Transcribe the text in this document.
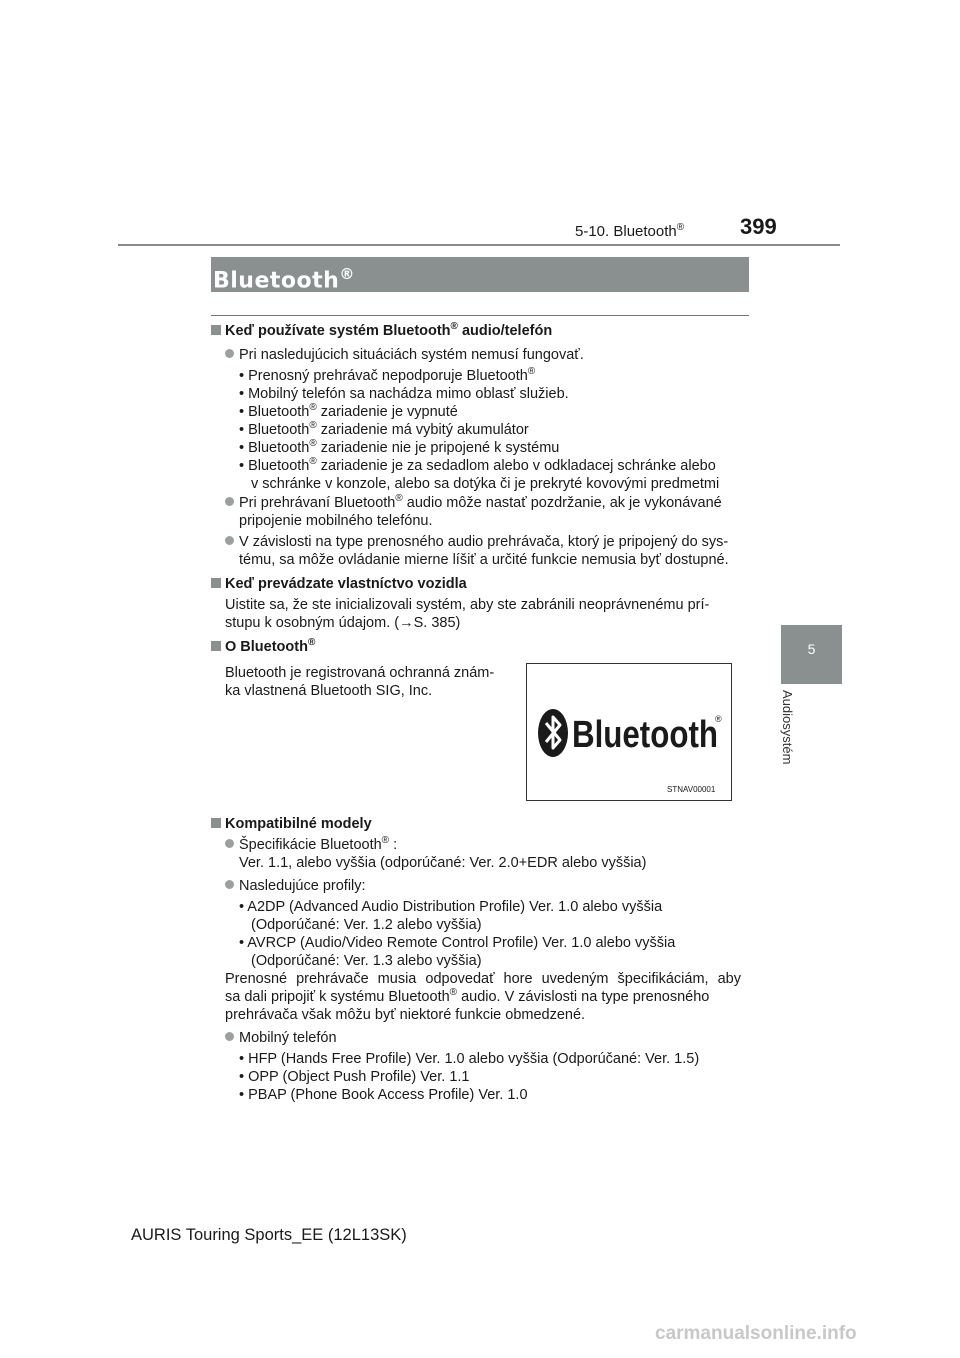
5-10. Bluetooth®	399
5
Audiosystém
Bluetooth®
Keď používate systém Bluetooth® audio/telefón
Pri nasledujúcich situáciách systém nemusí fungovať.
• Prenosný prehrávač nepodporuje Bluetooth®
• Mobilný telefón sa nachádza mimo oblasť služieb.
• Bluetooth® zariadenie je vypnuté
• Bluetooth® zariadenie má vybitý akumulátor
• Bluetooth® zariadenie nie je pripojené k systému
• Bluetooth® zariadenie je za sedadlom alebo v odkladacej schránke alebo
v schránke v konzole, alebo sa dotýka či je prekryté kovovými predmetmi
Pri prehrávaní Bluetooth® audio môže nastať pozdržanie, ak je vykonávané
pripojenie mobilného telefónu.
V závislosti na type prenosného audio prehrávača, ktorý je pripojený do sys-
tému, sa môže ovládanie mierne líšiť a určité funkcie nemusia byť dostupné.
Keď prevádzate vlastníctvo vozidla
Uistite sa, že ste inicializovali systém, aby ste zabránili neoprávnenému prí-
stupu k osobným údajom. (→S. 385)
O Bluetooth®
Bluetooth je registrovaná ochranná znám-
ka vlastnená Bluetooth SIG, Inc.
Bluetooth
®
STNAV00001
Kompatibilné modely
Špecifikácie Bluetooth® :
Ver. 1.1, alebo vyššia (odporúčané: Ver. 2.0+EDR alebo vyššia)
Nasledujúce profily:
• A2DP (Advanced Audio Distribution Profile) Ver. 1.0 alebo vyššia
(Odporúčané: Ver. 1.2 alebo vyššia)
• AVRCP (Audio/Video Remote Control Profile) Ver. 1.0 alebo vyššia
(Odporúčané: Ver. 1.3 alebo vyššia)
Prenosné prehrávače musia odpovedať hore uvedeným špecifikáciám, aby
sa dali pripojiť k systému Bluetooth® audio. V závislosti na type prenosného
prehrávača však môžu byť niektoré funkcie obmedzené.
Mobilný telefón
• HFP (Hands Free Profile) Ver. 1.0 alebo vyššia (Odporúčané: Ver. 1.5)
• OPP (Object Push Profile) Ver. 1.1
• PBAP (Phone Book Access Profile) Ver. 1.0
AURIS Touring Sports_EE (12L13SK)
carmanualsonline.info
